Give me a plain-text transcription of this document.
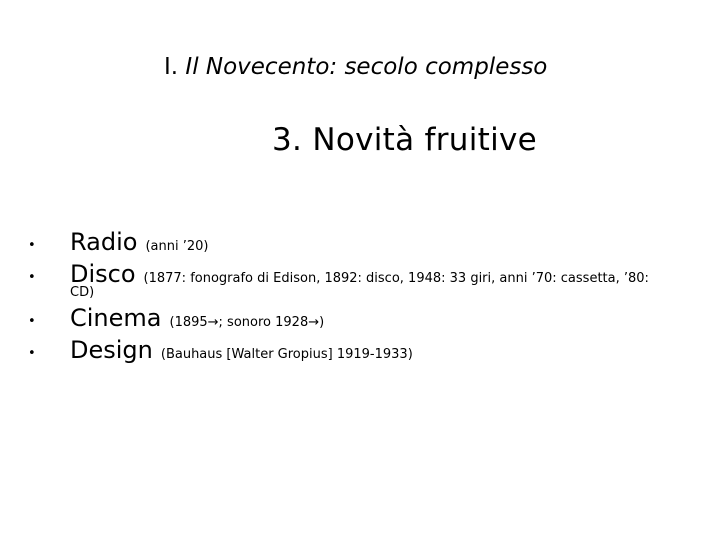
I. Il Novecento: secolo complesso
3. Novità fruitive
• Radio (anni ’20)
• Disco (1877: fonografo di Edison, 1892: disco, 1948: 33 giri, anni ’70: cassetta, ’80:
CD)
• Cinema (1895→; sonoro 1928→)
• Design (Bauhaus [Walter Gropius] 1919-1933)
